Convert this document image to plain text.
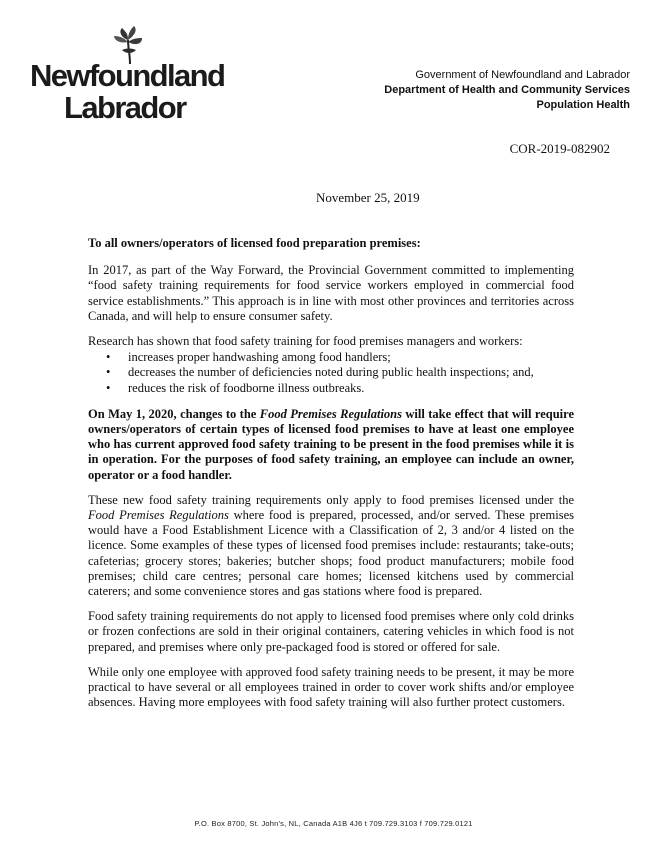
Newfoundland
Labrador
Government of Newfoundland and Labrador
Department of Health and Community Services
Population Health
COR-2019-082902
November 25, 2019

To all owners/operators of licensed food preparation premises:

In 2017, as part of the Way Forward, the Provincial Government committed to implementing “food safety training requirements for food service workers employed in commercial food service establishments.” This approach is in line with most other provinces and territories across Canada, and will help to ensure consumer safety.

Research has shown that food safety training for food premises managers and workers:

• increases proper handwashing among food handlers;
• decreases the number of deficiencies noted during public health inspections; and,
• reduces the risk of foodborne illness outbreaks.

On May 1, 2020, changes to the Food Premises Regulations will take effect that will require owners/operators of certain types of licensed food premises to have at least one employee who has current approved food safety training to be present in the food premises while it is in operation. For the purposes of food safety training, an employee can include an owner, operator or a food handler.

These new food safety training requirements only apply to food premises licensed under the Food Premises Regulations where food is prepared, processed, and/or served. These premises would have a Food Establishment Licence with a Classification of 2, 3 and/or 4 listed on the licence. Some examples of these types of licensed food premises include: restaurants; take-outs; cafeterias; grocery stores; bakeries; butcher shops; food product manufacturers; mobile food premises; child care centres; personal care homes; licensed kitchens used by commercial caterers; and some convenience stores and gas stations where food is prepared.

Food safety training requirements do not apply to licensed food premises where only cold drinks or frozen confections are sold in their original containers, catering vehicles in which food is not prepared, and premises where only pre-packaged food is stored or offered for sale.

While only one employee with approved food safety training needs to be present, it may be more practical to have several or all employees trained in order to cover work shifts and/or employee absences. Having more employees with food safety training will also further protect customers.

P.O. Box 8700, St. John's, NL, Canada A1B 4J6 t 709.729.3103 f 709.729.0121
